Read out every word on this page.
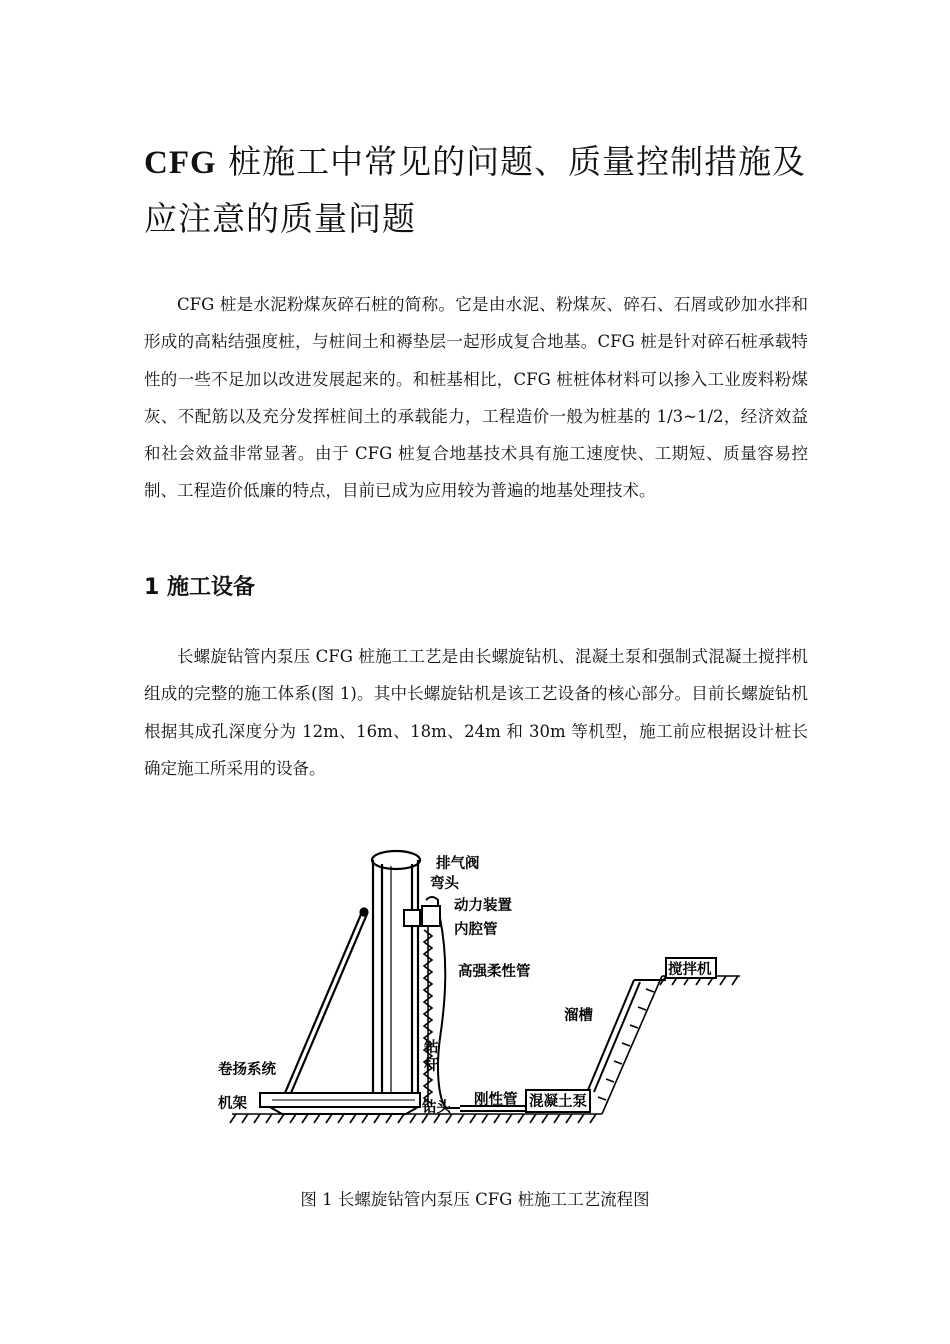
CFG 桩施工中常见的问题、质量控制措施及应注意的质量问题

CFG 桩是水泥粉煤灰碎石桩的简称。它是由水泥、粉煤灰、碎石、石屑或砂加水拌和形成的高粘结强度桩，与桩间土和褥垫层一起形成复合地基。CFG 桩是针对碎石桩承载特性的一些不足加以改进发展起来的。和桩基相比，CFG 桩桩体材料可以掺入工业废料粉煤灰、不配筋以及充分发挥桩间土的承载能力，工程造价一般为桩基的 1/3~1/2，经济效益和社会效益非常显著。由于 CFG 桩复合地基技术具有施工速度快、工期短、质量容易控制、工程造价低廉的特点，目前已成为应用较为普遍的地基处理技术。

1 施工设备

长螺旋钻管内泵压 CFG 桩施工工艺是由长螺旋钻机、混凝土泵和强制式混凝土搅拌机组成的完整的施工体系(图 1)。其中长螺旋钻机是该工艺设备的核心部分。目前长螺旋钻机根据其成孔深度分为 12m、16m、18m、24m 和 30m 等机型，施工前应根据设计桩长确定施工所采用的设备。

排气阀
弯头
动力装置
内腔管
高强柔性管	搅拌机
溜槽
钻
杆
卷扬系统
机架	钻头 刚性管 混凝土泵
图 1 长螺旋钻管内泵压 CFG 桩施工工艺流程图
